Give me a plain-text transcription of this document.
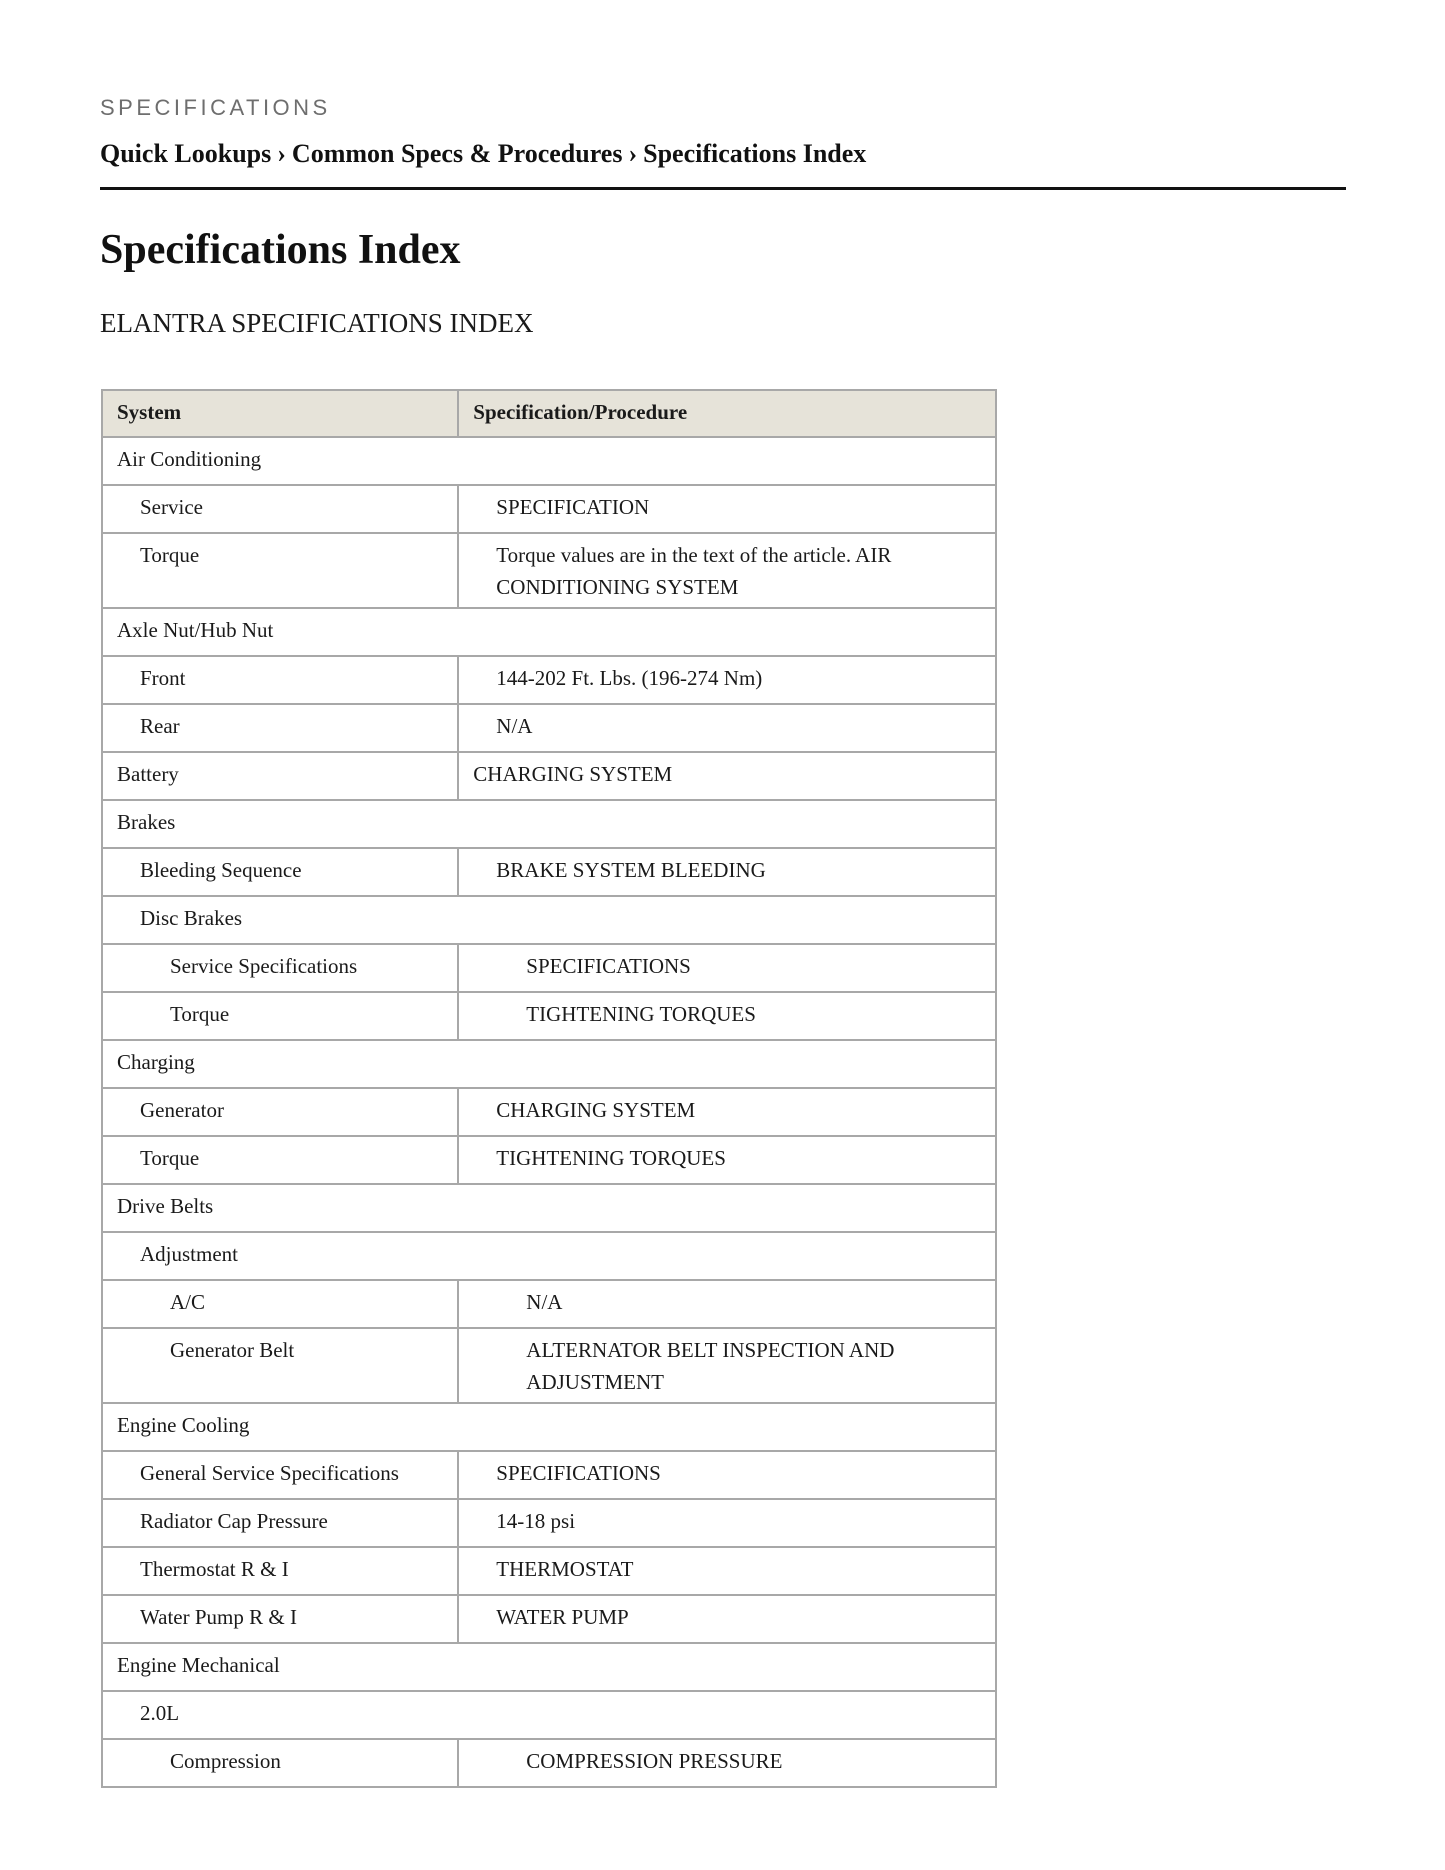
SPECIFICATIONS
Quick Lookups › Common Specs & Procedures › Specifications Index
Specifications Index
ELANTRA SPECIFICATIONS INDEX
System	Specification/Procedure
Air Conditioning	
Service	SPECIFICATION
Torque	Torque values are in the text of the article. AIR CONDITIONING SYSTEM
Axle Nut/Hub Nut	
Front	144-202 Ft. Lbs. (196-274 Nm)
Rear	N/A
Battery	CHARGING SYSTEM
Brakes	
Bleeding Sequence	BRAKE SYSTEM BLEEDING
Disc Brakes	
Service Specifications	SPECIFICATIONS
Torque	TIGHTENING TORQUES
Charging	
Generator	CHARGING SYSTEM
Torque	TIGHTENING TORQUES
Drive Belts	
Adjustment	
A/C	N/A
Generator Belt	ALTERNATOR BELT INSPECTION AND ADJUSTMENT
Engine Cooling	
General Service Specifications	SPECIFICATIONS
Radiator Cap Pressure	14-18 psi
Thermostat R & I	THERMOSTAT
Water Pump R & I	WATER PUMP
Engine Mechanical	
2.0L	
Compression	COMPRESSION PRESSURE
